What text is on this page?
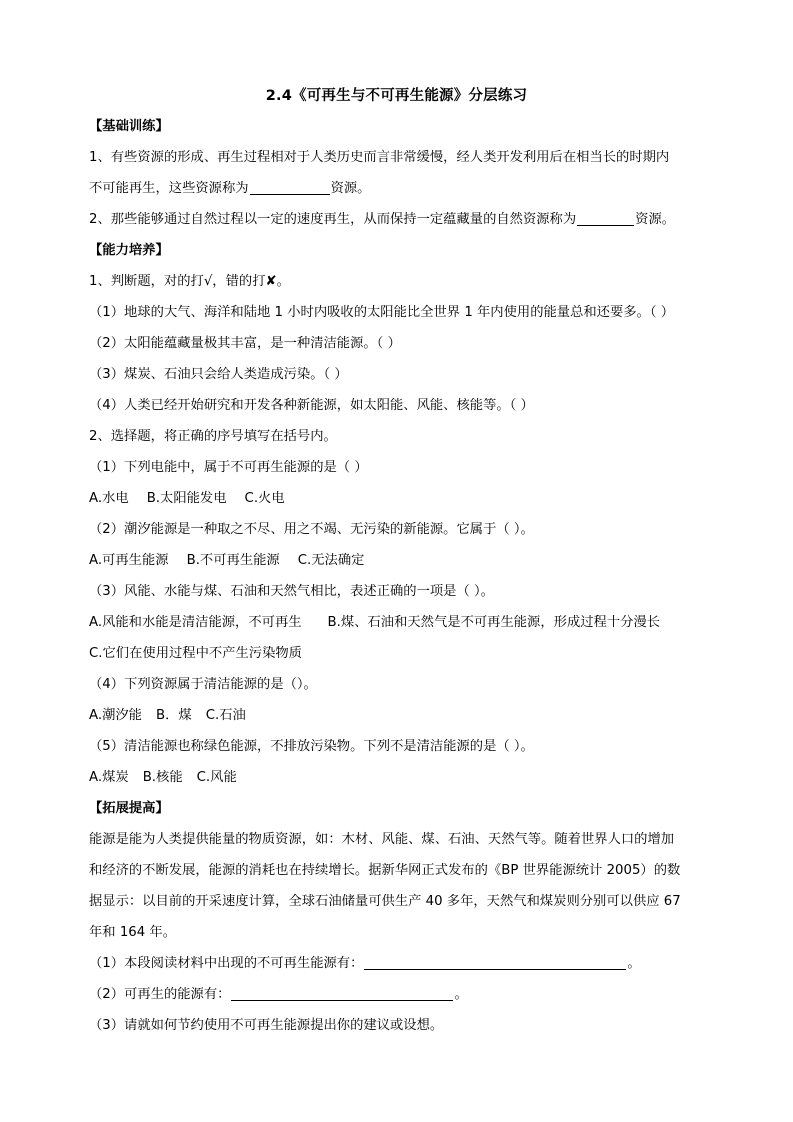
2.4《可再生与不可再生能源》分层练习
【基础训练】
1、有些资源的形成、再生过程相对于人类历史而言非常缓慢，经人类开发利用后在相当长的时期内
不可能再生，这些资源称为	资源。
2、那些能够通过自然过程以一定的速度再生，从而保持一定蕴藏量的自然资源称为	资源。
【能力培养】
1、判断题，对的打√，错的打✘。
（1）地球的大气、海洋和陆地 1 小时内吸收的太阳能比全世界 1 年内使用的能量总和还要多。（ ）
（2）太阳能蕴藏量极其丰富，是一种清洁能源。（ ）
（3）煤炭、石油只会给人类造成污染。（ ）
（4）人类已经开始研究和开发各种新能源，如太阳能、风能、核能等。（ ）
2、选择题，将正确的序号填写在括号内。
（1）下列电能中，属于不可再生能源的是（ ）
A.水电 B.太阳能发电 C.火电
（2）潮汐能源是一种取之不尽、用之不竭、无污染的新能源。它属于（ ）。
A.可再生能源 B.不可再生能源 C.无法确定
（3）风能、水能与煤、石油和天然气相比，表述正确的一项是（ ）。
A.风能和水能是清洁能源，不可再生 B.煤、石油和天然气是不可再生能源，形成过程十分漫长
C.它们在使用过程中不产生污染物质
（4）下列资源属于清洁能源的是（）。
A.潮汐能 B．煤 C.石油
（5）清洁能源也称绿色能源，不排放污染物。下列不是清洁能源的是（ ）。
A.煤炭 B.核能 C.风能
【拓展提高】
能源是能为人类提供能量的物质资源，如：木材、风能、煤、石油、天然气等。随着世界人口的增加
和经济的不断发展，能源的消耗也在持续增长。据新华网正式发布的《BP 世界能源统计 2005）的数
据显示：以目前的开采速度计算，全球石油储量可供生产 40 多年，天然气和煤炭则分别可以供应 67
年和 164 年。
（1）本段阅读材料中出现的不可再生能源有：	。
（2）可再生的能源有：	。
（3）请就如何节约使用不可再生能源提出你的建议或设想。
